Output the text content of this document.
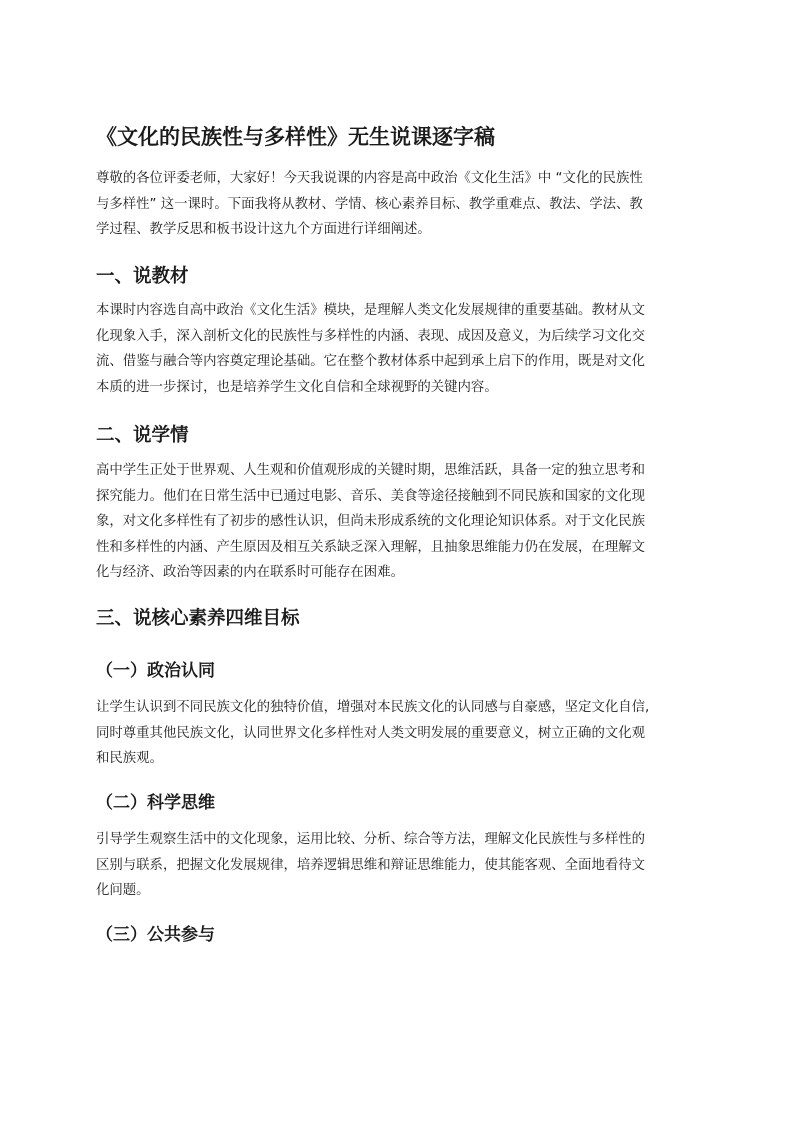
《文化的民族性与多样性》无生说课逐字稿

尊敬的各位评委老师，大家好！今天我说课的内容是高中政治《文化生活》中 “文化的民族性
与多样性” 这一课时。下面我将从教材、学情、核心素养目标、教学重难点、教法、学法、教
学过程、教学反思和板书设计这九个方面进行详细阐述。

一、说教材

本课时内容选自高中政治《文化生活》模块，是理解人类文化发展规律的重要基础。教材从文
化现象入手，深入剖析文化的民族性与多样性的内涵、表现、成因及意义，为后续学习文化交
流、借鉴与融合等内容奠定理论基础。它在整个教材体系中起到承上启下的作用，既是对文化
本质的进一步探讨，也是培养学生文化自信和全球视野的关键内容。

二、说学情

高中学生正处于世界观、人生观和价值观形成的关键时期，思维活跃，具备一定的独立思考和
探究能力。他们在日常生活中已通过电影、音乐、美食等途径接触到不同民族和国家的文化现
象，对文化多样性有了初步的感性认识，但尚未形成系统的文化理论知识体系。对于文化民族
性和多样性的内涵、产生原因及相互关系缺乏深入理解，且抽象思维能力仍在发展，在理解文
化与经济、政治等因素的内在联系时可能存在困难。

三、说核心素养四维目标
（一）政治认同

让学生认识到不同民族文化的独特价值，增强对本民族文化的认同感与自豪感，坚定文化自信,
同时尊重其他民族文化，认同世界文化多样性对人类文明发展的重要意义，树立正确的文化观
和民族观。

（二）科学思维

引导学生观察生活中的文化现象，运用比较、分析、综合等方法，理解文化民族性与多样性的
区别与联系，把握文化发展规律，培养逻辑思维和辩证思维能力，使其能客观、全面地看待文
化问题。

（三）公共参与
